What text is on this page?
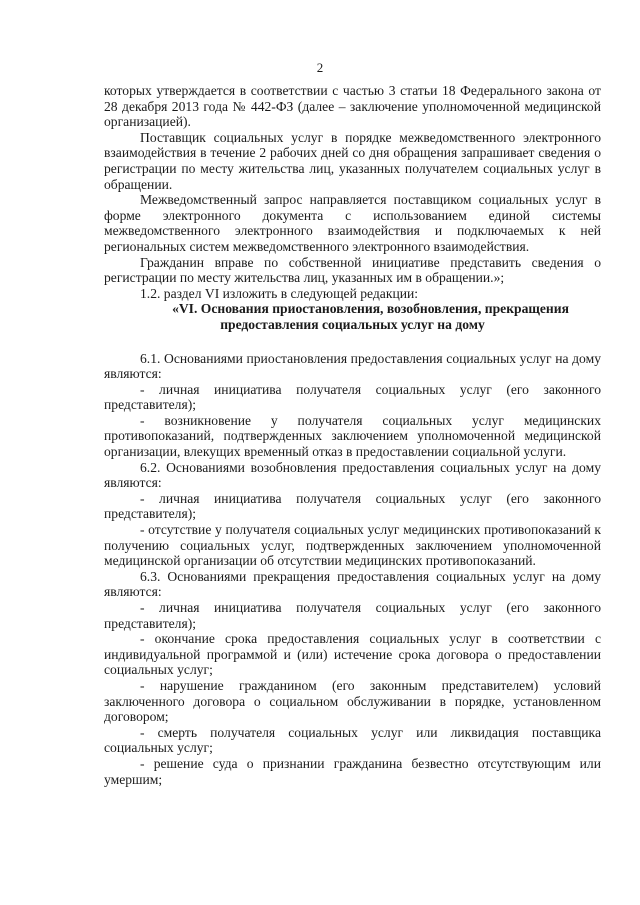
2

которых утверждается в соответствии с частью 3 статьи 18 Федерального закона от 28 декабря 2013 года № 442-ФЗ (далее – заключение уполномоченной медицинской организацией).

Поставщик социальных услуг в порядке межведомственного электронного взаимодействия в течение 2 рабочих дней со дня обращения запрашивает сведения о регистрации по месту жительства лиц, указанных получателем социальных услуг в обращении.

Межведомственный запрос направляется поставщиком социальных услуг в форме электронного документа с использованием единой системы межведомственного электронного взаимодействия и подключаемых к ней региональных систем межведомственного электронного взаимодействия.

Гражданин вправе по собственной инициативе представить сведения о регистрации по месту жительства лиц, указанных им в обращении.»;

1.2. раздел VI изложить в следующей редакции:

«VI. Основания приостановления, возобновления, прекращения
предоставления социальных услуг на дому

6.1. Основаниями приостановления предоставления социальных услуг на дому являются:

- личная инициатива получателя социальных услуг (его законного представителя);

- возникновение у получателя социальных услуг медицинских противопоказаний, подтвержденных заключением уполномоченной медицинской организации, влекущих временный отказ в предоставлении социальной услуги.

6.2. Основаниями возобновления предоставления социальных услуг на дому являются:

- личная инициатива получателя социальных услуг (его законного представителя);

- отсутствие у получателя социальных услуг медицинских противопоказаний к получению социальных услуг, подтвержденных заключением уполномоченной медицинской организации об отсутствии медицинских противопоказаний.

6.3. Основаниями прекращения предоставления социальных услуг на дому являются:

- личная инициатива получателя социальных услуг (его законного представителя);

- окончание срока предоставления социальных услуг в соответствии с индивидуальной программой и (или) истечение срока договора о предоставлении социальных услуг;

- нарушение гражданином (его законным представителем) условий заключенного договора о социальном обслуживании в порядке, установленном договором;

- смерть получателя социальных услуг или ликвидация поставщика социальных услуг;

- решение суда о признании гражданина безвестно отсутствующим или умершим;
